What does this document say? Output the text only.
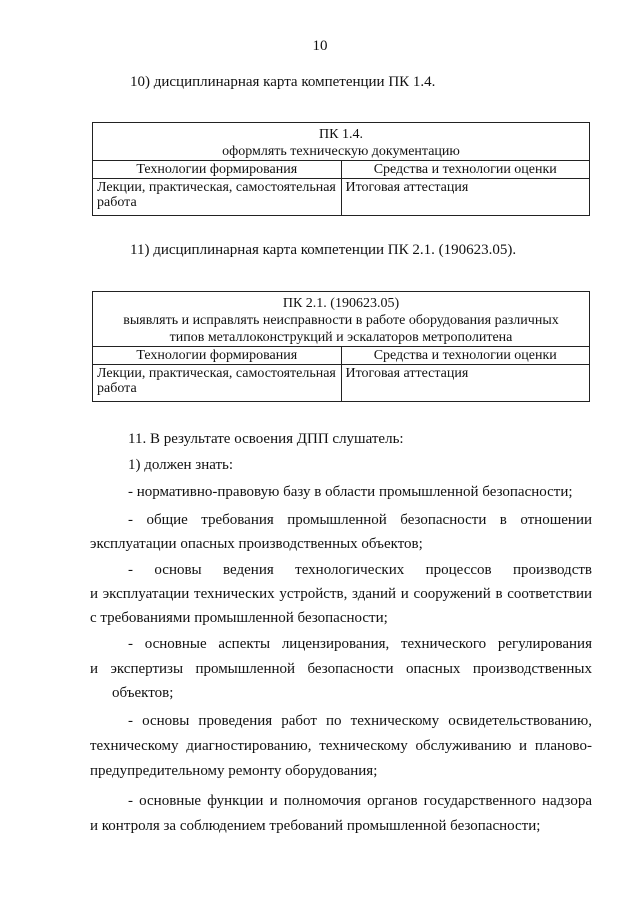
10
10) дисциплинарная карта компетенции ПК 1.4.
ПК 1.4.	
оформлять техническую документацию	
Технологии формирования	Средства и технологии оценки
Лекции, практическая, самостоятельная работа	Итоговая аттестация
11) дисциплинарная карта компетенции ПК 2.1. (190623.05).
ПК 2.1. (190623.05)	
выявлять и исправлять неисправности в работе оборудования различных	
типов металлоконструкций и эскалаторов метрополитена	
Технологии формирования	Средства и технологии оценки
Лекции, практическая, самостоятельная работа	Итоговая аттестация
11. В результате освоения ДПП слушатель:
1) должен знать:
- нормативно-правовую базу в области промышленной безопасности;
- общие требования промышленной безопасности в отношении
эксплуатации опасных производственных объектов;
- основы ведения технологических процессов производств
и эксплуатации технических устройств, зданий и сооружений в соответствии
с требованиями промышленной безопасности;
- основные аспекты лицензирования, технического регулирования
и экспертизы промышленной безопасности опасных производственных
объектов;
- основы проведения работ по техническому освидетельствованию,
техническому диагностированию, техническому обслуживанию и планово-
предупредительному ремонту оборудования;
- основные функции и полномочия органов государственного надзора
и контроля за соблюдением требований промышленной безопасности;
